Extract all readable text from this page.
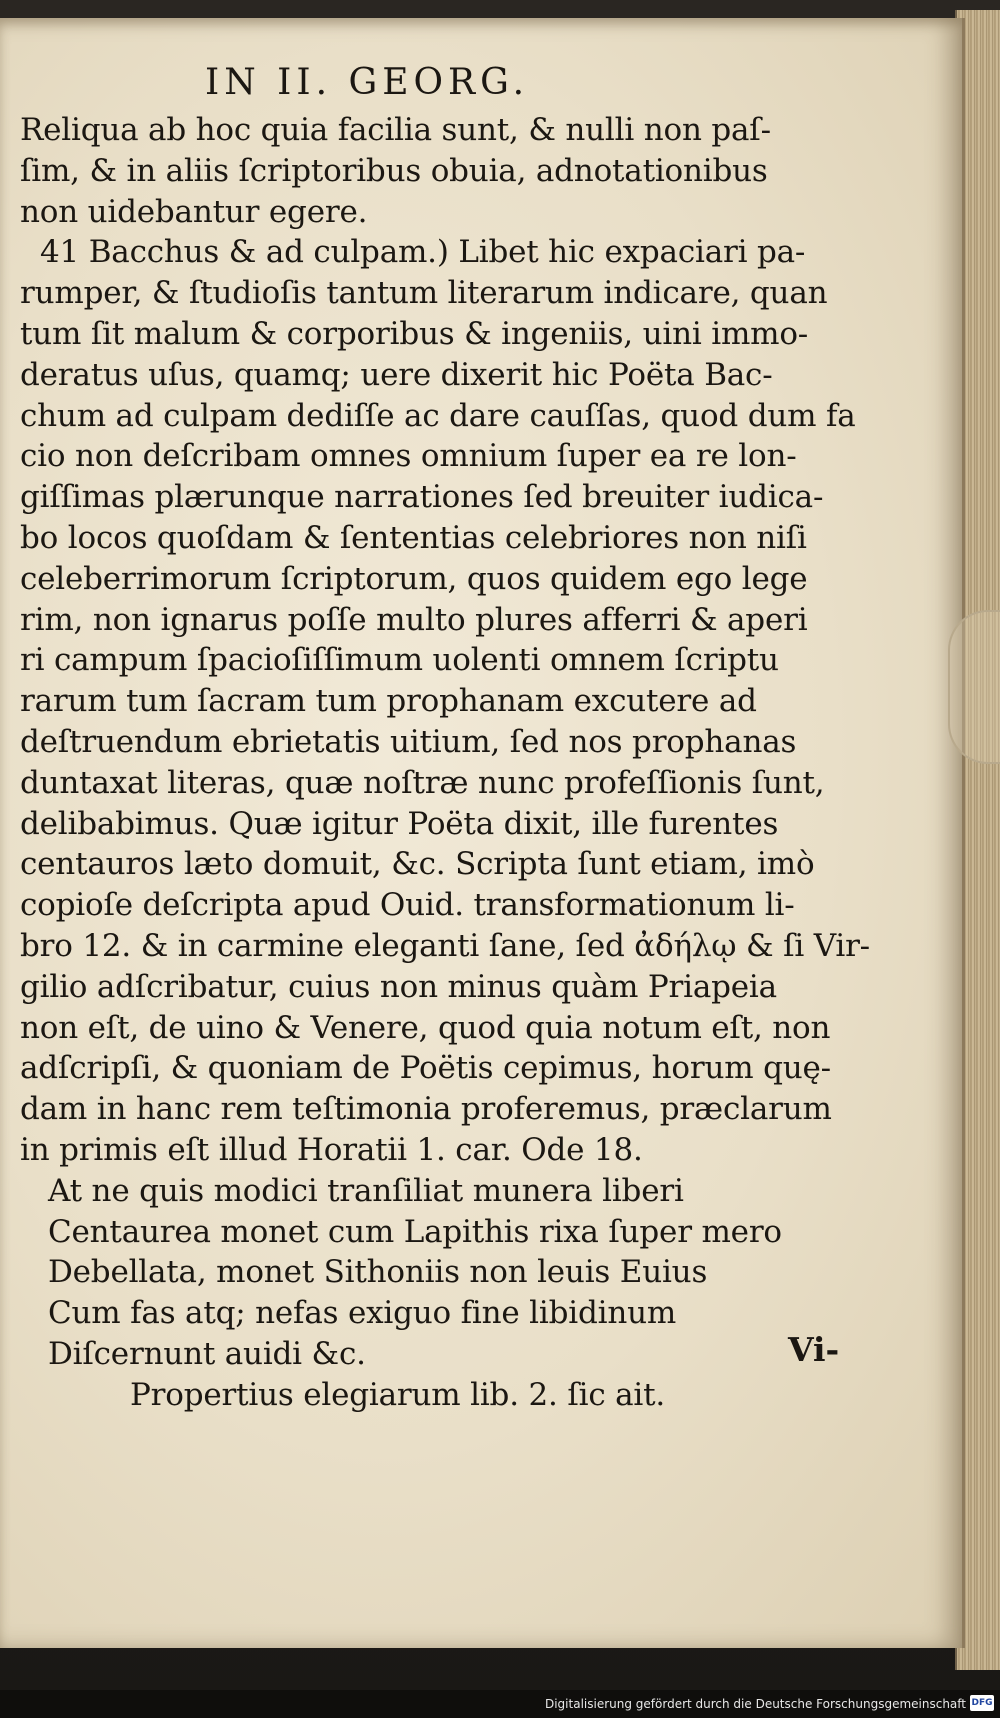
IN II. GEORG.
Reliqua ab hoc quia facilia sunt, & nulli non paſ-
ſim, & in aliis ſcriptoribus obuia, adnotationibus
non uidebantur egere.
41 Bacchus & ad culpam.) Libet hic expaciari pa-
rumper, & ſtudioſis tantum literarum indicare, quan
tum ſit malum & corporibus & ingeniis, uini immo-
deratus uſus, quamq; uere dixerit hic Poëta Bac-
chum ad culpam dediſſe ac dare cauſſas, quod dum fa
cio non deſcribam omnes omnium ſuper ea re lon-
giſſimas plærunque narrationes ſed breuiter iudica-
bo locos quoſdam & ſententias celebriores non niſi
celeberrimorum ſcriptorum, quos quidem ego lege
rim, non ignarus poſſe multo plures afferri & aperi
ri campum ſpacioſiſſimum uolenti omnem ſcriptu
rarum tum ſacram tum prophanam excutere ad
deſtruendum ebrietatis uitium, ſed nos prophanas
duntaxat literas, quæ noſtræ nunc profeſſionis ſunt,
delibabimus. Quæ igitur Poëta dixit, ille furentes
centauros læto domuit, &c. Scripta ſunt etiam, imò
copioſe deſcripta apud Ouid. transformationum li-
bro 12. & in carmine eleganti ſane, ſed ἀδήλῳ & ſi Vir-
gilio adſcribatur, cuius non minus quàm Priapeia
non eſt, de uino & Venere, quod quia notum eſt, non
adſcripſi, & quoniam de Poëtis cepimus, horum quę-
dam in hanc rem teſtimonia proferemus, præclarum
in primis eſt illud Horatii 1. car. Ode 18.
At ne quis modici tranſiliat munera liberi
Centaurea monet cum Lapithis rixa ſuper mero
Debellata, monet Sithoniis non leuis Euius
Cum fas atq; nefas exiguo fine libidinum
Diſcernunt auidi &c.
Propertius elegiarum lib. 2. ſic ait.
Vi-
Digitalisierung gefördert durch die Deutsche Forschungsgemeinschaft DFG
